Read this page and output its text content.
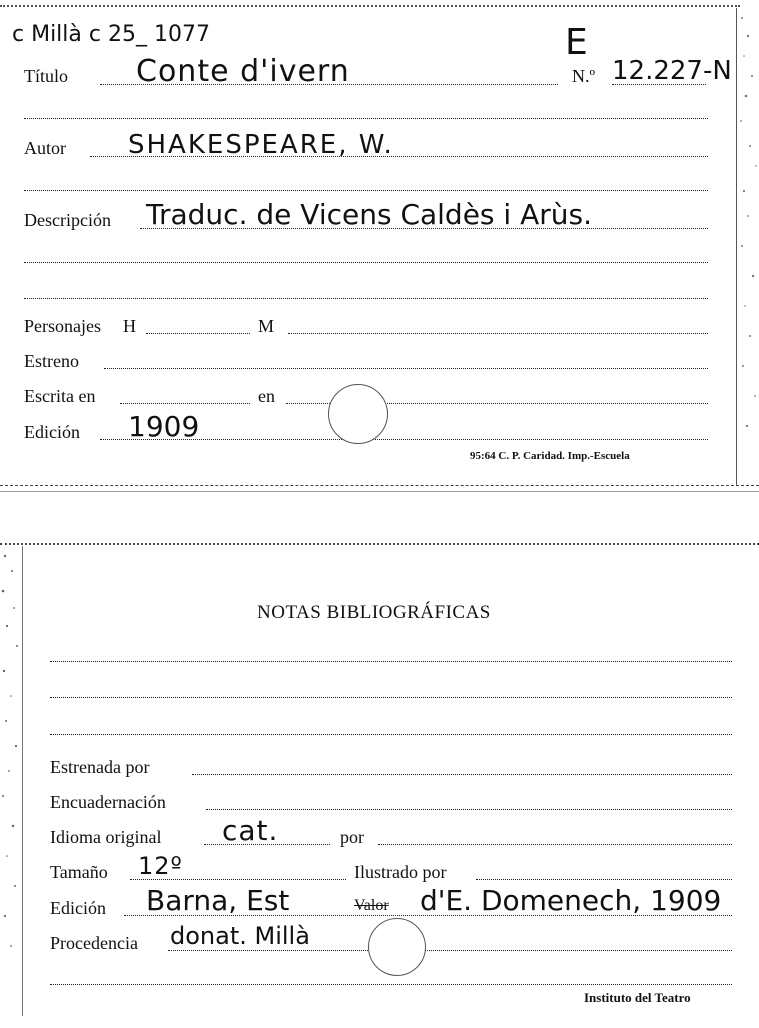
c Millà c 25_ 1077	E
Título Conte d'ivern	N.º 12.227-N
Autor SHAKESPEARE, W.
Descripción Traduc. de Vicens Caldès i Arùs.
Personajes H	M
Estreno
Escrita en	en
Edición 1909
95:64 C. P. Caridad. Imp.-Escuela
NOTAS BIBLIOGRÁFICAS
Estrenada por
Encuadernación
Idioma original cat.	por
Tamaño 12º	Ilustrado por
Edición Barna, Est	Valor d'E. Domenech, 1909
Procedencia donat. Millà
Instituto del Teatro
